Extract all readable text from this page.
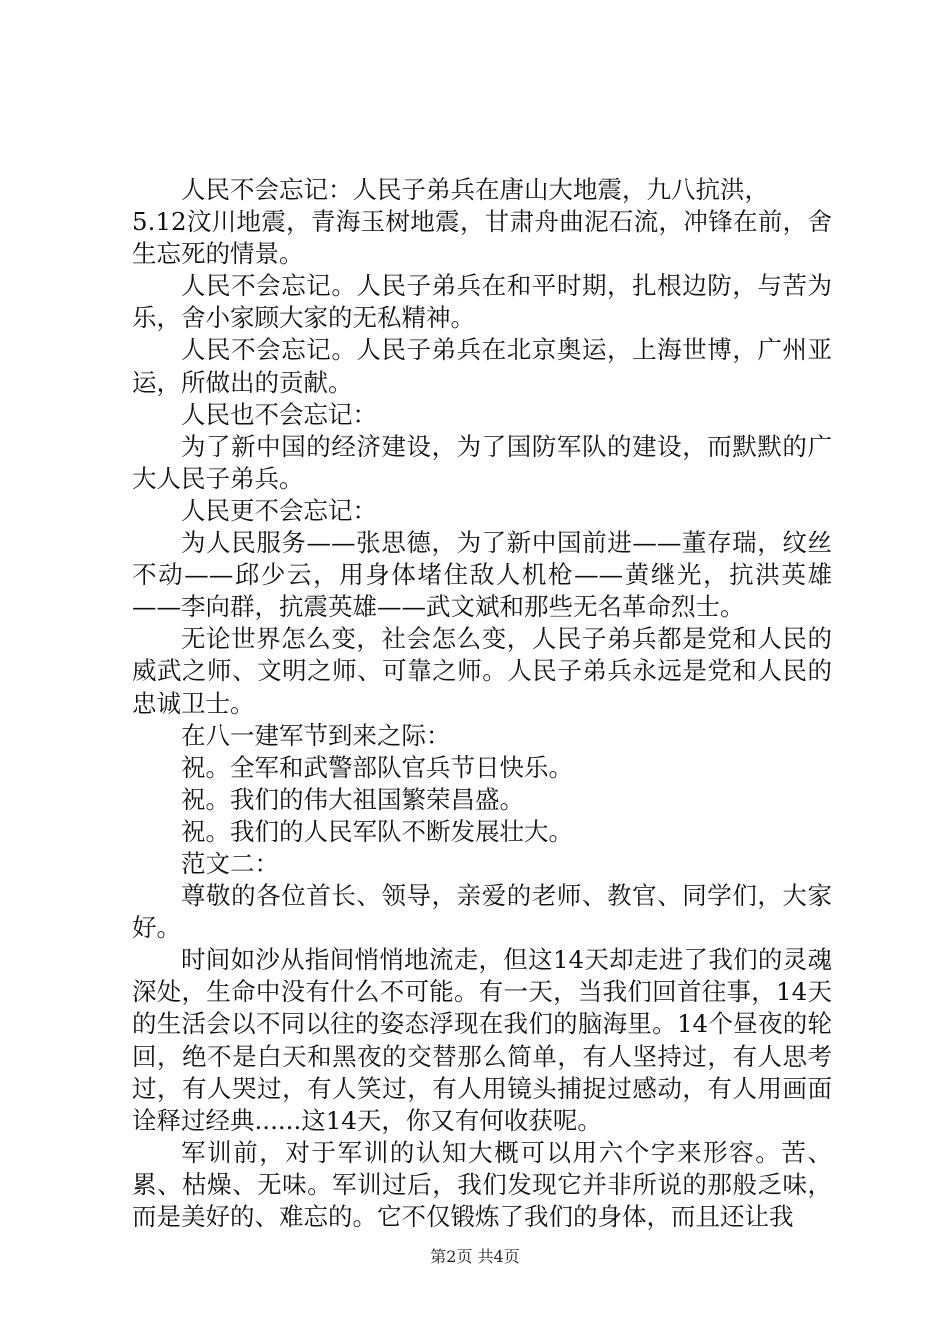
人民不会忘记：人民子弟兵在唐山大地震，九八抗洪，

5.12汶川地震，青海玉树地震，甘肃舟曲泥石流，冲锋在前，舍生忘死的情景。

人民不会忘记。人民子弟兵在和平时期，扎根边防，与苦为乐，舍小家顾大家的无私精神。

人民不会忘记。人民子弟兵在北京奥运，上海世博，广州亚运，所做出的贡献。

人民也不会忘记：

为了新中国的经济建设，为了国防军队的建设，而默默的广大人民子弟兵。

人民更不会忘记：

为人民服务——张思德，为了新中国前进——董存瑞，纹丝不动——邱少云，用身体堵住敌人机枪——黄继光，抗洪英雄——李向群，抗震英雄——武文斌和那些无名革命烈士。

无论世界怎么变，社会怎么变，人民子弟兵都是党和人民的威武之师、文明之师、可靠之师。人民子弟兵永远是党和人民的忠诚卫士。

在八一建军节到来之际：

祝。全军和武警部队官兵节日快乐。

祝。我们的伟大祖国繁荣昌盛。

祝。我们的人民军队不断发展壮大。

范文二：

尊敬的各位首长、领导，亲爱的老师、教官、同学们，大家好。

时间如沙从指间悄悄地流走，但这14天却走进了我们的灵魂深处，生命中没有什么不可能。有一天，当我们回首往事，14天的生活会以不同以往的姿态浮现在我们的脑海里。14个昼夜的轮回，绝不是白天和黑夜的交替那么简单，有人坚持过，有人思考过，有人哭过，有人笑过，有人用镜头捕捉过感动，有人用画面诠释过经典......这14天，你又有何收获呢。

军训前，对于军训的认知大概可以用六个字来形容。苦、累、枯燥、无味。军训过后，我们发现它并非所说的那般乏味，而是美好的、难忘的。它不仅锻炼了我们的身体，而且还让我

第2页 共4页
